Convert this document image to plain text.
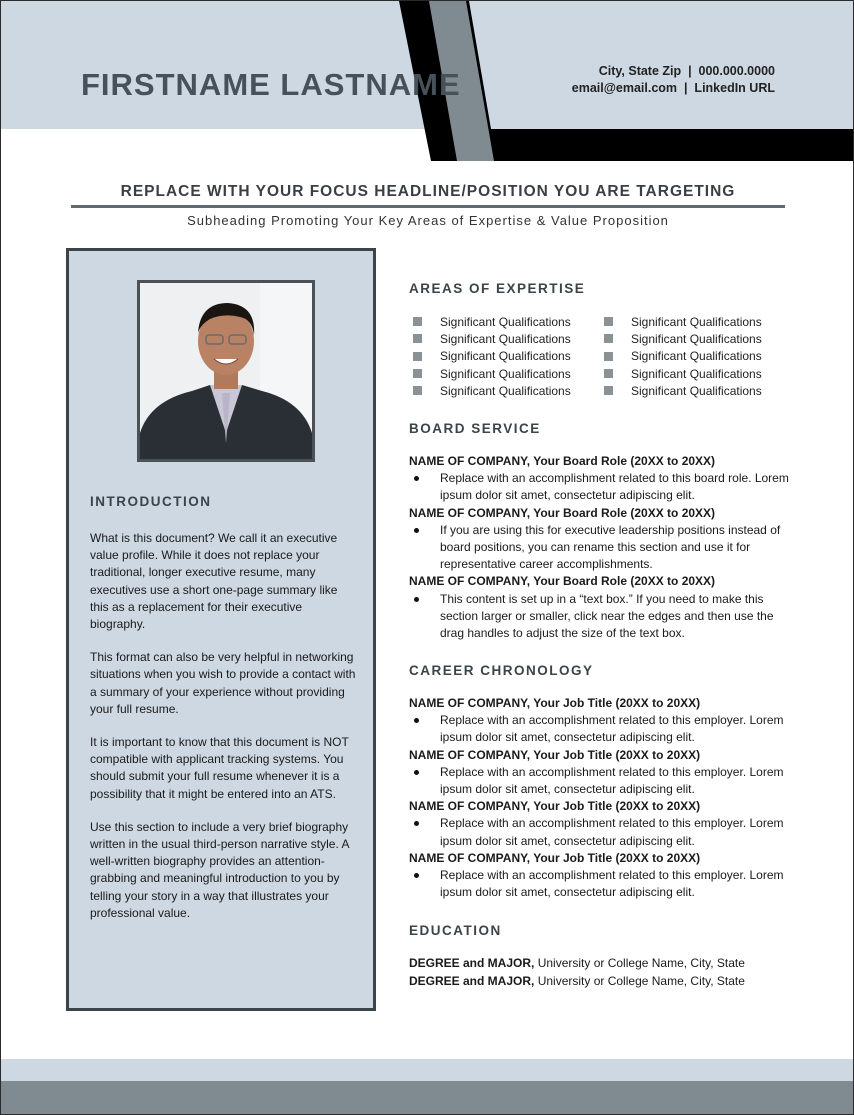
FIRSTNAME LASTNAME	City, State Zip  |  000.000.0000
email@email.com  |  LinkedIn URL
REPLACE WITH YOUR FOCUS HEADLINE/POSITION YOU ARE TARGETING
Subheading Promoting Your Key Areas of Expertise & Value Proposition
INTRODUCTION

What is this document? We call it an executive value profile. While it does not replace your traditional, longer executive resume, many executives use a short one-page summary like this as a replacement for their executive biography.

This format can also be very helpful in networking situations when you wish to provide a contact with a summary of your experience without providing your full resume.

It is important to know that this document is NOT compatible with applicant tracking systems. You should submit your full resume whenever it is a possibility that it might be entered into an ATS.

Use this section to include a very brief biography written in the usual third-person narrative style. A well-written biography provides an attention-grabbing and meaningful introduction to you by telling your story in a way that illustrates your professional value.

AREAS OF EXPERTISE
Significant Qualifications
Significant Qualifications
Significant Qualifications
Significant Qualifications
Significant Qualifications
Significant Qualifications
Significant Qualifications
Significant Qualifications
Significant Qualifications
Significant Qualifications
BOARD SERVICE
NAME OF COMPANY, Your Board Role (20XX to 20XX)
Replace with an accomplishment related to this board role. Lorem ipsum dolor sit amet, consectetur adipiscing elit.
NAME OF COMPANY, Your Board Role (20XX to 20XX)
If you are using this for executive leadership positions instead of board positions, you can rename this section and use it for representative career accomplishments.
NAME OF COMPANY, Your Board Role (20XX to 20XX)
This content is set up in a “text box.” If you need to make this section larger or smaller, click near the edges and then use the drag handles to adjust the size of the text box.
CAREER CHRONOLOGY
NAME OF COMPANY, Your Job Title (20XX to 20XX)
Replace with an accomplishment related to this employer. Lorem ipsum dolor sit amet, consectetur adipiscing elit.
NAME OF COMPANY, Your Job Title (20XX to 20XX)
Replace with an accomplishment related to this employer. Lorem ipsum dolor sit amet, consectetur adipiscing elit.
NAME OF COMPANY, Your Job Title (20XX to 20XX)
Replace with an accomplishment related to this employer. Lorem ipsum dolor sit amet, consectetur adipiscing elit.
NAME OF COMPANY, Your Job Title (20XX to 20XX)
Replace with an accomplishment related to this employer. Lorem ipsum dolor sit amet, consectetur adipiscing elit.
EDUCATION
DEGREE and MAJOR, University or College Name, City, State
DEGREE and MAJOR, University or College Name, City, State
